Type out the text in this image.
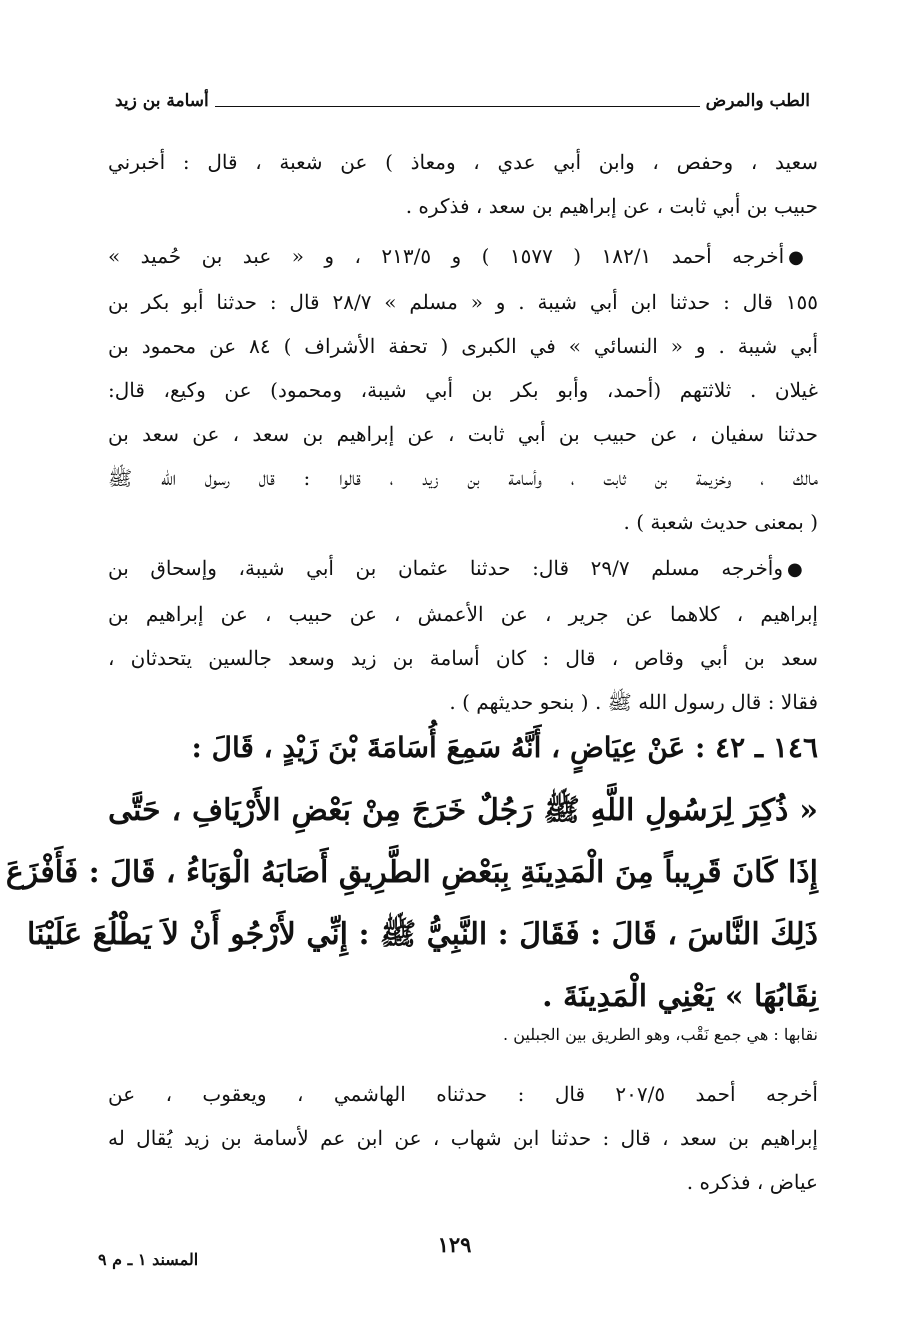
الطب والمرض
أسامة بن زيد
سعيد ، وحفص ، وابن أبي عدي ، ومعاذ ) عن شعبة ، قال : أخبرني
حبيب بن أبي ثابت ، عن إبراهيم بن سعد ، فذكره .
●أخرجه أحمد ١٨٢/١ ( ١٥٧٧ ) و ٢١٣/٥ ، و « عبد بن حُميد »
١٥٥ قال : حدثنا ابن أبي شيبة . و « مسلم » ٢٨/٧ قال : حدثنا أبو بكر بن
أبي شيبة . و « النسائي » في الكبرى ( تحفة الأشراف ) ٨٤ عن محمود بن
غيلان . ثلاثتهم (أحمد، وأبو بكر بن أبي شيبة، ومحمود) عن وكيع، قال:
حدثنا سفيان ، عن حبيب بن أبي ثابت ، عن إبراهيم بن سعد ، عن سعد بن
مالك ، وخزيمة بن ثابت ، وأسامة بن زيد ، قالوا : قال رسول الله ﷺ
( بمعنى حديث شعبة ) .
●وأخرجه مسلم ٢٩/٧ قال: حدثنا عثمان بن أبي شيبة، وإسحاق بن
إبراهيم ، كلاهما عن جرير ، عن الأعمش ، عن حبيب ، عن إبراهيم بن
سعد بن أبي وقاص ، قال : كان أسامة بن زيد وسعد جالسين يتحدثان ،
فقالا : قال رسول الله ﷺ . ( بنحو حديثهم ) .
١٤٦ ـ ٤٢ : عَنْ عِيَاضٍ ، أَنَّهُ سَمِعَ أُسَامَةَ بْنَ زَيْدٍ ، قَالَ :
« ذُكِرَ لِرَسُولِ اللَّهِ ﷺ رَجُلٌ خَرَجَ مِنْ بَعْضِ الأَرْيَافِ ، حَتَّى
إِذَا كَانَ قَرِيباً مِنَ الْمَدِينَةِ بِبَعْضِ الطَّرِيقِ أَصَابَهُ الْوَبَاءُ ، قَالَ : فَأَفْزَعَ
ذَلِكَ النَّاسَ ، قَالَ : فَقَالَ : النَّبِيُّ ﷺ : إِنِّي لأَرْجُو أَنْ لاَ يَطْلُعَ عَلَيْنَا
نِقَابُهَا » يَعْنِي الْمَدِينَةَ .
نقابها : هي جمع نَقْب، وهو الطريق بين الجبلين .
أخرجه أحمد ٢٠٧/٥ قال : حدثناه الهاشمي ، ويعقوب ، عن
إبراهيم بن سعد ، قال : حدثنا ابن شهاب ، عن ابن عم لأسامة بن زيد يُقال له
عياض ، فذكره .
١٢٩
المسند ١ ـ م ٩
